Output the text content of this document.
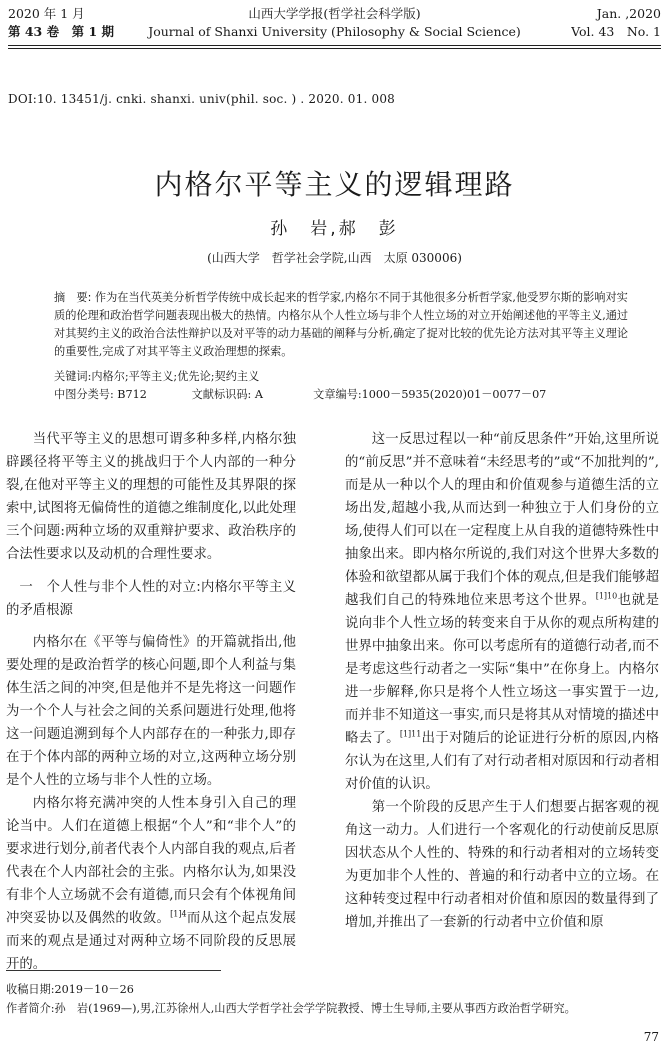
2020 年 1 月
第 43 卷　第 1 期
山西大学学报(哲学社会科学版)
Journal of Shanxi University (Philosophy & Social Science)
Jan. ,2020
Vol. 43　No. 1
DOI:10. 13451/j. cnki. shanxi. univ(phil. soc. ) . 2020. 01. 008
内格尔平等主义的逻辑理路
孙　岩,郝　彭
(山西大学　哲学社会学院,山西　太原 030006)
摘　要: 作为在当代英美分析哲学传统中成长起来的哲学家,内格尔不同于其他很多分析哲学家,他受罗尔斯的影响对实质的伦理和政治哲学问题表现出极大的热情。内格尔从个人性立场与非个人性立场的对立开始阐述他的平等主义,通过对其契约主义的政治合法性辩护以及对平等的动力基础的阐释与分析,确定了捉对比较的优先论方法对其平等主义理论的重要性,完成了对其平等主义政治理想的探索。
关键词:内格尔;平等主义;优先论;契约主义
中图分类号: B712	文献标识码: A	文章编号:1000－5935(2020)01－0077－07

当代平等主义的思想可谓多种多样,内格尔独辟蹊径将平等主义的挑战归于个人内部的一种分裂,在他对平等主义的理想的可能性及其界限的探索中,试图将无偏倚性的道德之维制度化,以此处理三个问题:两种立场的双重辩护要求、政治秩序的合法性要求以及动机的合理性要求。

一　个人性与非个人性的对立:内格尔平等主义的矛盾根源

内格尔在《平等与偏倚性》的开篇就指出,他要处理的是政治哲学的核心问题,即个人利益与集体生活之间的冲突,但是他并不是先将这一问题作为一个个人与社会之间的关系问题进行处理,他将这一问题追溯到每个人内部存在的一种张力,即存在于个体内部的两种立场的对立,这两种立场分别是个人性的立场与非个人性的立场。

内格尔将充满冲突的人性本身引入自己的理论当中。人们在道德上根据“个人”和“非个人”的要求进行划分,前者代表个人内部自我的观点,后者代表在个人内部社会的主张。内格尔认为,如果没有非个人立场就不会有道德,而只会有个体视角间冲突妥协以及偶然的收敛。$^{[1]4}$而从这个起点发展而来的观点是通过对两种立场不同阶段的反思展开的。

这一反思过程以一种“前反思条件”开始,这里所说的“前反思”并不意味着“未经思考的”或“不加批判的”,而是从一种以个人的理由和价值观参与道德生活的立场出发,超越小我,从而达到一种独立于人们身份的立场,使得人们可以在一定程度上从自我的道德特殊性中抽象出来。即内格尔所说的,我们对这个世界大多数的体验和欲望都从属于我们个体的观点,但是我们能够超越我们自己的特殊地位来思考这个世界。$^{[1]10}$也就是说向非个人性立场的转变来自于从你的观点所构建的世界中抽象出来。你可以考虑所有的道德行动者,而不是考虑这些行动者之一实际“集中”在你身上。内格尔进一步解释,你只是将个人性立场这一事实置于一边,而并非不知道这一事实,而只是将其从对情境的描述中略去了。$^{[1]11}$出于对随后的论证进行分析的原因,内格尔认为在这里,人们有了对行动者相对原因和行动者相对价值的认识。

第一个阶段的反思产生于人们想要占据客观的视角这一动力。人们进行一个客观化的行动使前反思原因状态从个人性的、特殊的和行动者相对的立场转变为更加非个人性的、普遍的和行动者中立的立场。在这种转变过程中行动者相对价值和原因的数量得到了增加,并推出了一套新的行动者中立价值和原

收稿日期:2019－10－26
作者简介:孙　岩(1969—),男,江苏徐州人,山西大学哲学社会学学院教授、博士生导师,主要从事西方政治哲学研究。
77
